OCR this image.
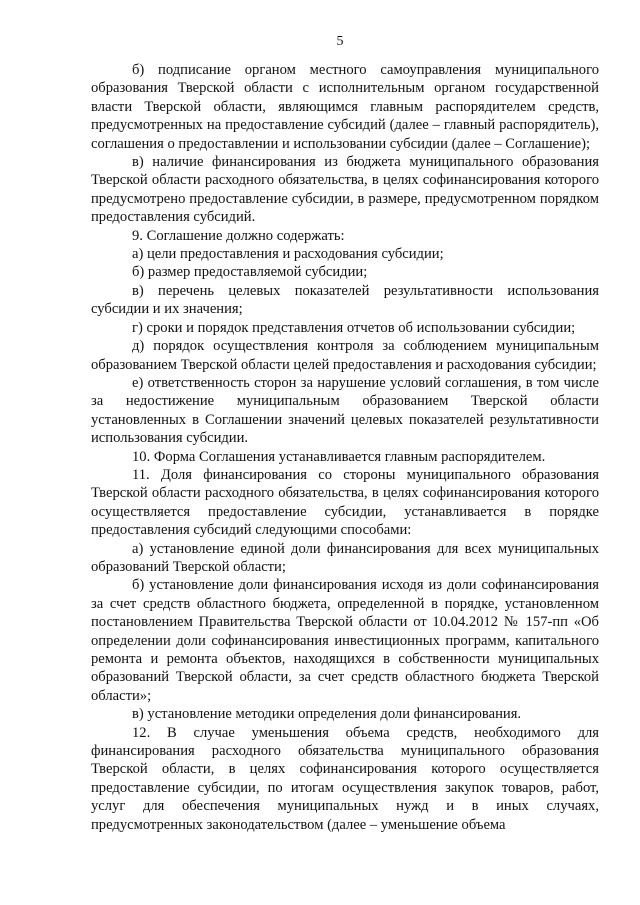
5

б) подписание органом местного самоуправления муниципального образования Тверской области с исполнительным органом государственной власти Тверской области, являющимся главным распорядителем средств, предусмотренных на предоставление субсидий (далее – главный распорядитель), соглашения о предоставлении и использовании субсидии (далее – Соглашение);

в) наличие финансирования из бюджета муниципального образования Тверской области расходного обязательства, в целях софинансирования которого предусмотрено предоставление субсидии, в размере, предусмотренном порядком предоставления субсидий.

9. Соглашение должно содержать:

а) цели предоставления и расходования субсидии;

б) размер предоставляемой субсидии;

в) перечень целевых показателей результативности использования субсидии и их значения;

г) сроки и порядок представления отчетов об использовании субсидии;

д) порядок осуществления контроля за соблюдением муниципальным образованием Тверской области целей предоставления и расходования субсидии;

е) ответственность сторон за нарушение условий соглашения, в том числе за недостижение муниципальным образованием Тверской области установленных в Соглашении значений целевых показателей результативности использования субсидии.

10. Форма Соглашения устанавливается главным распорядителем.

11. Доля финансирования со стороны муниципального образования Тверской области расходного обязательства, в целях софинансирования которого осуществляется предоставление субсидии, устанавливается в порядке предоставления субсидий следующими способами:

а) установление единой доли финансирования для всех муниципальных образований Тверской области;

б) установление доли финансирования исходя из доли софинансирования за счет средств областного бюджета, определенной в порядке, установленном постановлением Правительства Тверской области от 10.04.2012 № 157-пп «Об определении доли софинансирования инвестиционных программ, капитального ремонта и ремонта объектов, находящихся в собственности муниципальных образований Тверской области, за счет средств областного бюджета Тверской области»;

в) установление методики определения доли финансирования.

12. В случае уменьшения объема средств, необходимого для финансирования расходного обязательства муниципального образования Тверской области, в целях софинансирования которого осуществляется предоставление субсидии, по итогам осуществления закупок товаров, работ, услуг для обеспечения муниципальных нужд и в иных случаях, предусмотренных законодательством (далее – уменьшение объема
